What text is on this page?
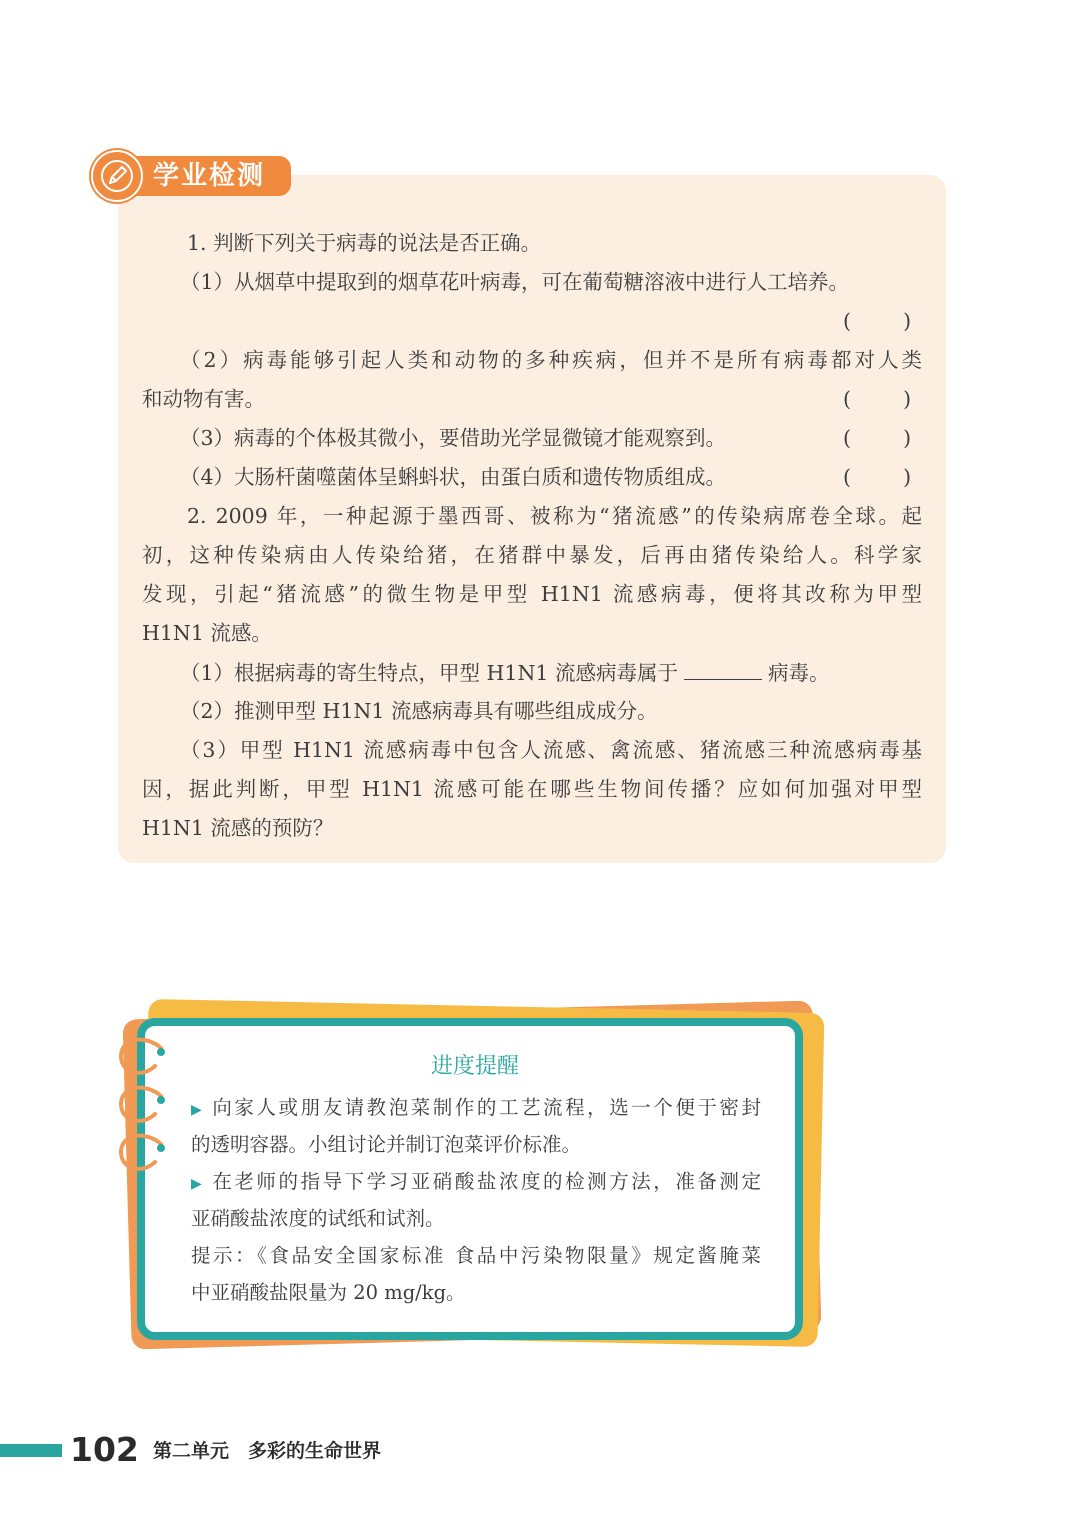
学业检测
1. 判断下列关于病毒的说法是否正确。
（1）从烟草中提取到的烟草花叶病毒，可在葡萄糖溶液中进行人工培养。
(        )
（2）病毒能够引起人类和动物的多种疾病，但并不是所有病毒都对人类
和动物有害。	(        )
（3）病毒的个体极其微小，要借助光学显微镜才能观察到。	(        )
（4）大肠杆菌噬菌体呈蝌蚪状，由蛋白质和遗传物质组成。	(        )
2. 2009 年，一种起源于墨西哥、被称为“猪流感”的传染病席卷全球。起
初，这种传染病由人传染给猪，在猪群中暴发，后再由猪传染给人。科学家
发现，引起“猪流感”的微生物是甲型 H1N1 流感病毒，便将其改称为甲型
H1N1 流感。
（1）根据病毒的寄生特点，甲型 H1N1 流感病毒属于	病毒。
（2）推测甲型 H1N1 流感病毒具有哪些组成成分。
（3）甲型 H1N1 流感病毒中包含人流感、禽流感、猪流感三种流感病毒基
因，据此判断，甲型 H1N1 流感可能在哪些生物间传播？应如何加强对甲型
H1N1 流感的预防？
进度提醒
▶ 向家人或朋友请教泡菜制作的工艺流程，选一个便于密封
的透明容器。小组讨论并制订泡菜评价标准。
▶ 在老师的指导下学习亚硝酸盐浓度的检测方法，准备测定
亚硝酸盐浓度的试纸和试剂。
提示：《食品安全国家标准 食品中污染物限量》规定酱腌菜
中亚硝酸盐限量为 20 mg/kg。
102 第二单元　多彩的生命世界
